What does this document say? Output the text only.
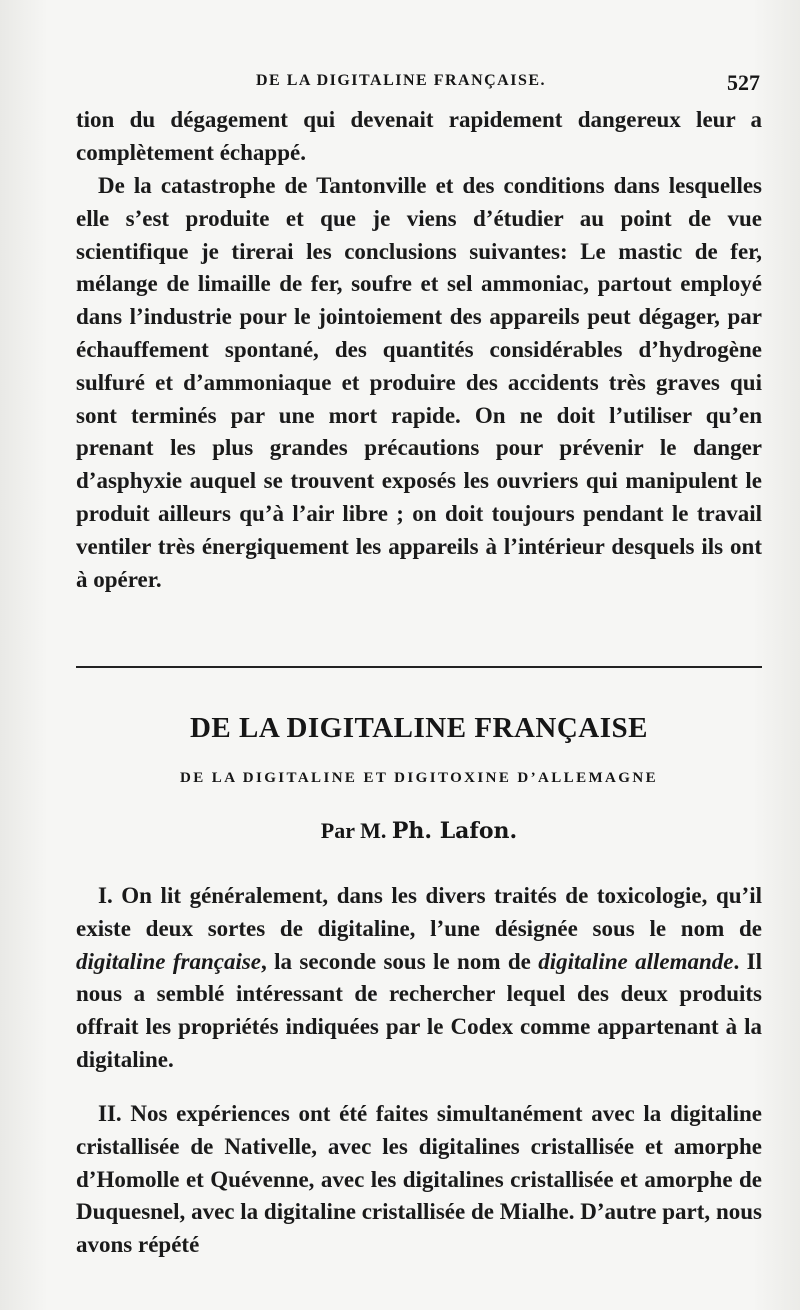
DE LA DIGITALINE FRANÇAISE.	527

tion du dégagement qui devenait rapidement dangereux leur a complètement échappé.

De la catastrophe de Tantonville et des conditions dans lesquelles elle s’est produite et que je viens d’étudier au point de vue scientifique je tirerai les conclusions suivantes: Le mastic de fer, mélange de limaille de fer, soufre et sel ammoniac, partout employé dans l’industrie pour le jointoiement des appareils peut dégager, par échauffement spontané, des quantités considérables d’hydrogène sulfuré et d’ammoniaque et produire des accidents très graves qui sont terminés par une mort rapide. On ne doit l’utiliser qu’en prenant les plus grandes précautions pour prévenir le danger d’asphyxie auquel se trouvent exposés les ouvriers qui manipulent le produit ailleurs qu’à l’air libre ; on doit toujours pendant le travail ventiler très énergiquement les appareils à l’intérieur desquels ils ont à opérer.

DE LA DIGITALINE FRANÇAISE
DE LA DIGITALINE ET DIGITOXINE D’ALLEMAGNE
Par M. Ph. Lafon.

I. On lit généralement, dans les divers traités de toxicologie, qu’il existe deux sortes de digitaline, l’une désignée sous le nom de digitaline française, la seconde sous le nom de digitaline allemande. Il nous a semblé intéressant de rechercher lequel des deux produits offrait les propriétés indiquées par le Codex comme appartenant à la digitaline.

II. Nos expériences ont été faites simultanément avec la digitaline cristallisée de Nativelle, avec les digitalines cristallisée et amorphe d’Homolle et Quévenne, avec les digitalines cristallisée et amorphe de Duquesnel, avec la digitaline cristallisée de Mialhe. D’autre part, nous avons répété
